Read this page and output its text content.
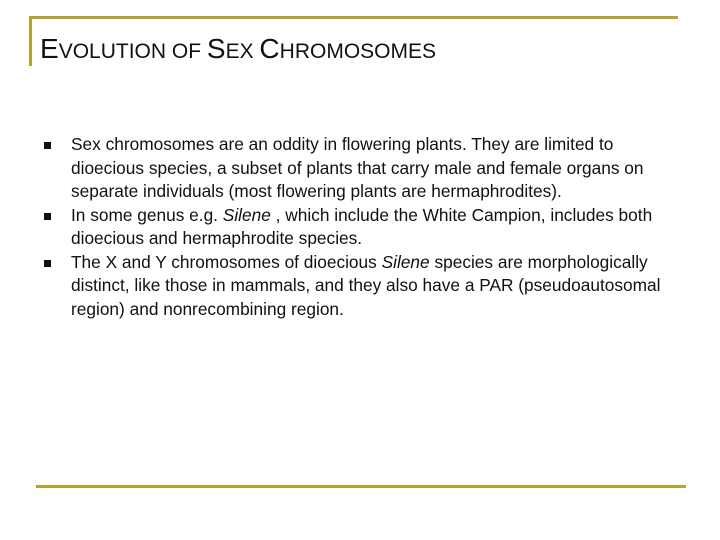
EVOLUTION OF SEX CHROMOSOMES
Sex chromosomes are an oddity in flowering plants. They are limited to dioecious species, a subset of plants that carry male and female organs on separate individuals (most flowering plants are hermaphrodites).
In some genus e.g. Silene , which include the White Campion, includes both dioecious and hermaphrodite species.
The X and Y chromosomes of dioecious Silene species are morphologically distinct, like those in mammals, and they also have a PAR (pseudoautosomal region) and nonrecombining region.
